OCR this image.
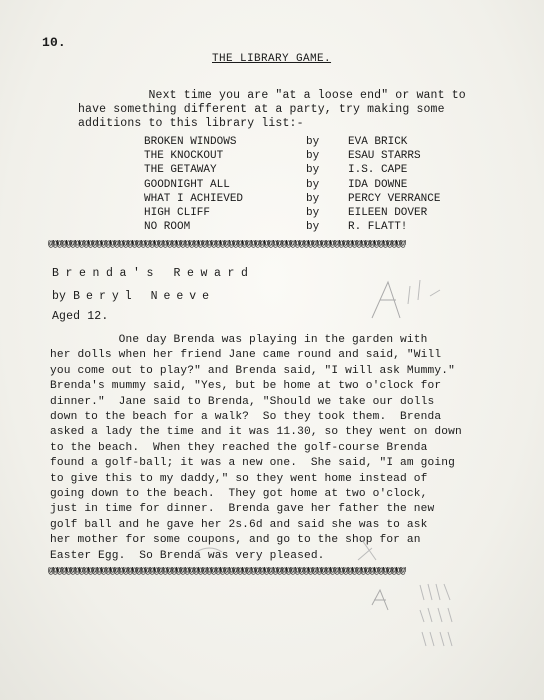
10.
THE LIBRARY GAME.
Next time you are "at a loose end" or want to
have something different at a party, try making some
additions to this library list:-
BROKEN WINDOWS	by	EVA BRICK
THE KNOCKOUT	by	ESAU STARRS
THE GETAWAY	by	I.S. CAPE
GOODNIGHT ALL	by	IDA DOWNE
WHAT I ACHIEVED	by	PERCY VERRANCE
HIGH CLIFF	by	EILEEN DOVER
NO ROOM	by	R. FLATT!
@@@@@@@@@@@@@@@@@@@@@@@@@@@@@@@@@@@@@@@@@@@@@@@@@@@@@@@@@@@@@@@@@@@@@@@@@@@@@@@@@
Brenda's Reward
by Beryl Neeve
Aged 12.
One day Brenda was playing in the garden with
her dolls when her friend Jane came round and said, "Will
you come out to play?" and Brenda said, "I will ask Mummy."
Brenda's mummy said, "Yes, but be home at two o'clock for
dinner."  Jane said to Brenda, "Should we take our dolls
down to the beach for a walk?  So they took them.  Brenda
asked a lady the time and it was 11.30, so they went on down
to the beach.  When they reached the golf-course Brenda
found a golf-ball; it was a new one.  She said, "I am going
to give this to my daddy," so they went home instead of
going down to the beach.  They got home at two o'clock,
just in time for dinner.  Brenda gave her father the new
golf ball and he gave her 2s.6d and said she was to ask
her mother for some coupons, and go to the shop for an
Easter Egg.  So Brenda was very pleased.
@@@@@@@@@@@@@@@@@@@@@@@@@@@@@@@@@@@@@@@@@@@@@@@@@@@@@@@@@@@@@@@@@@@@@@@@@@@@@@@@@
